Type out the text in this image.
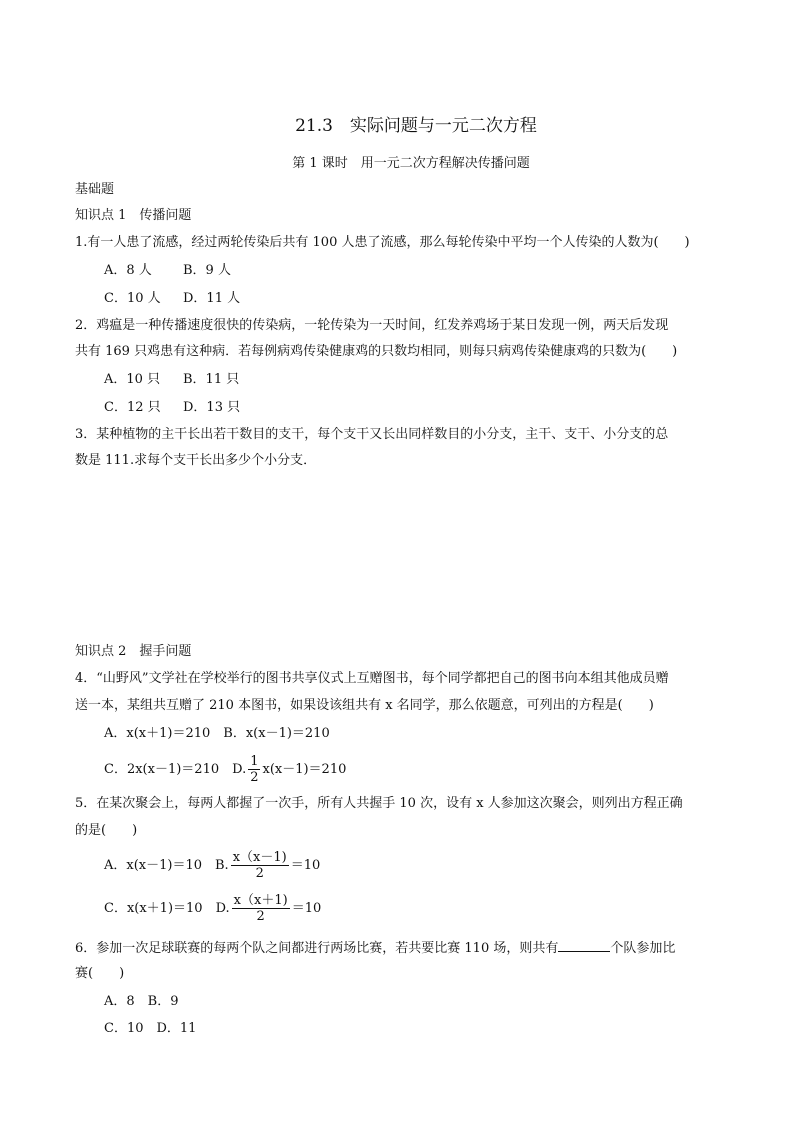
21.3　实际问题与一元二次方程
第 1 课时　用一元二次方程解决传播问题
基础题
知识点 1　传播问题
1.有一人患了流感，经过两轮传染后共有 100 人患了流感，那么每轮传染中平均一个人传染的人数为(　　)
A．8 人 B．9 人
C．10 人 D．11 人
2．鸡瘟是一种传播速度很快的传染病，一轮传染为一天时间，红发养鸡场于某日发现一例，两天后发现
共有 169 只鸡患有这种病．若每例病鸡传染健康鸡的只数均相同，则每只病鸡传染健康鸡的只数为(　　)
A．10 只 B．11 只
C．12 只 D．13 只
3．某种植物的主干长出若干数目的支干，每个支干又长出同样数目的小分支，主干、支干、小分支的总
数是 111.求每个支干长出多少个小分支．
知识点 2　握手问题
4．“山野风”文学社在学校举行的图书共享仪式上互赠图书，每个同学都把自己的图书向本组其他成员赠
送一本，某组共互赠了 210 本图书，如果设该组共有 x 名同学，那么依题意，可列出的方程是(　　)
A．x(x＋1)＝210　B．x(x－1)＝210
C．2x(x－1)＝210　D. $\frac{1}{2} x(x-1)=210$
5．在某次聚会上，每两人都握了一次手，所有人共握手 10 次，设有 x 人参加这次聚会，则列出方程正确
的是(　　)
A．x(x－1)＝10　B. $\frac{x(x-1)}{2} =10$
C．x(x＋1)＝10　D. $\frac{x(x+1)}{2} =10$
6．参加一次足球联赛的每两个队之间都进行两场比赛，若共要比赛 110 场，则共有	个队参加比
赛(　　)
A．8　B．9
C．10　D．11
